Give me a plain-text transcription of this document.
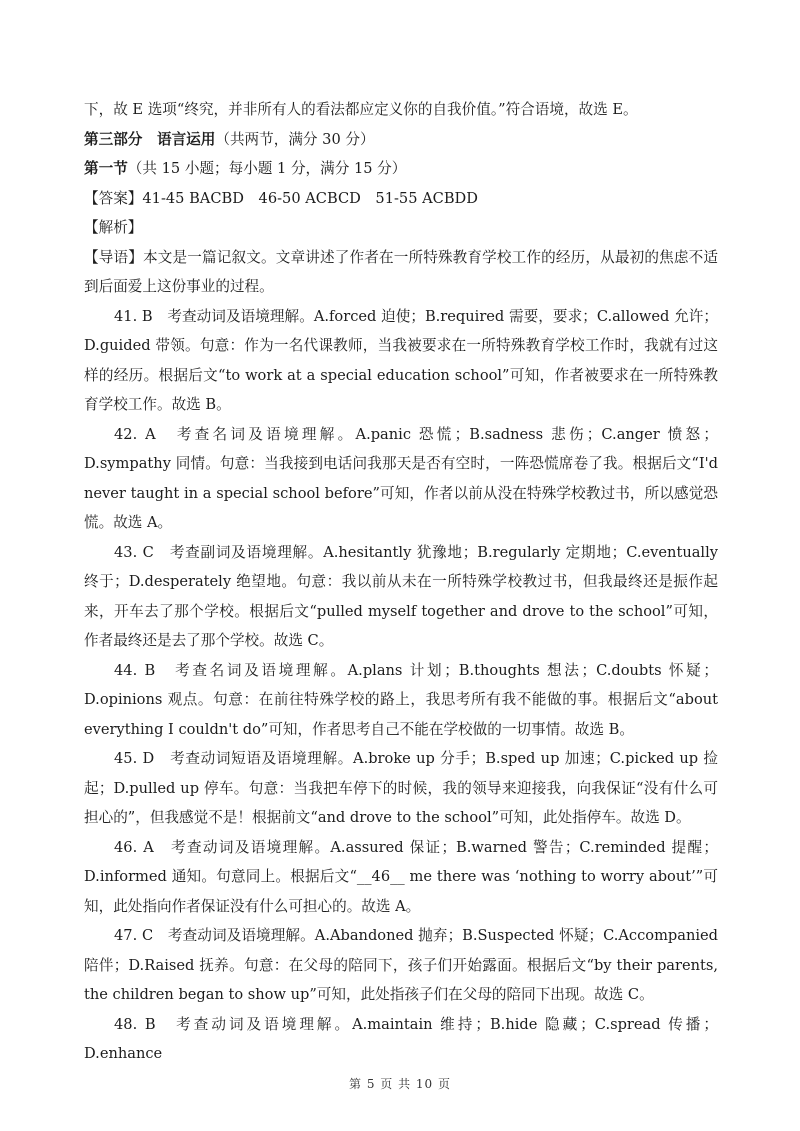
下，故 E 选项“终究，并非所有人的看法都应定义你的自我价值。”符合语境，故选 E。

第三部分　语言运用（共两节，满分 30 分）

第一节（共 15 小题；每小题 1 分，满分 15 分）

【答案】41-45 BACBD　46-50 ACBCD　51-55 ACBDD

【解析】

【导语】本文是一篇记叙文。文章讲述了作者在一所特殊教育学校工作的经历，从最初的焦虑不适到后面爱上这份事业的过程。

41. B　考查动词及语境理解。A.forced 迫使；B.required 需要，要求；C.allowed 允许；D.guided 带领。句意：作为一名代课教师，当我被要求在一所特殊教育学校工作时，我就有过这样的经历。根据后文“to work at a special education school”可知，作者被要求在一所特殊教育学校工作。故选 B。

42. A　考查名词及语境理解。A.panic 恐慌；B.sadness 悲伤；C.anger 愤怒；D.sympathy 同情。句意：当我接到电话问我那天是否有空时，一阵恐慌席卷了我。根据后文“I'd never taught in a special school before”可知，作者以前从没在特殊学校教过书，所以感觉恐慌。故选 A。

43. C　考查副词及语境理解。A.hesitantly 犹豫地；B.regularly 定期地；C.eventually 终于；D.desperately 绝望地。句意：我以前从未在一所特殊学校教过书，但我最终还是振作起来，开车去了那个学校。根据后文“pulled myself together and drove to the school”可知，作者最终还是去了那个学校。故选 C。

44. B　考查名词及语境理解。A.plans 计划；B.thoughts 想法；C.doubts 怀疑；D.opinions 观点。句意：在前往特殊学校的路上，我思考所有我不能做的事。根据后文“about everything I couldn't do”可知，作者思考自己不能在学校做的一切事情。故选 B。

45. D　考查动词短语及语境理解。A.broke up 分手；B.sped up 加速；C.picked up 捡起；D.pulled up 停车。句意：当我把车停下的时候，我的领导来迎接我，向我保证“没有什么可担心的”，但我感觉不是！根据前文“and drove to the school”可知，此处指停车。故选 D。

46. A　考查动词及语境理解。A.assured 保证；B.warned 警告；C.reminded 提醒；D.informed 通知。句意同上。根据后文“__46__ me there was ‘nothing to worry about’”可知，此处指向作者保证没有什么可担心的。故选 A。

47. C　考查动词及语境理解。A.Abandoned 抛弃；B.Suspected 怀疑；C.Accompanied 陪伴；D.Raised 抚养。句意：在父母的陪同下，孩子们开始露面。根据后文“by their parents, the children began to show up”可知，此处指孩子们在父母的陪同下出现。故选 C。

48. B　考查动词及语境理解。A.maintain 维持；B.hide 隐藏；C.spread 传播；D.enhance

第 5 页 共 10 页
